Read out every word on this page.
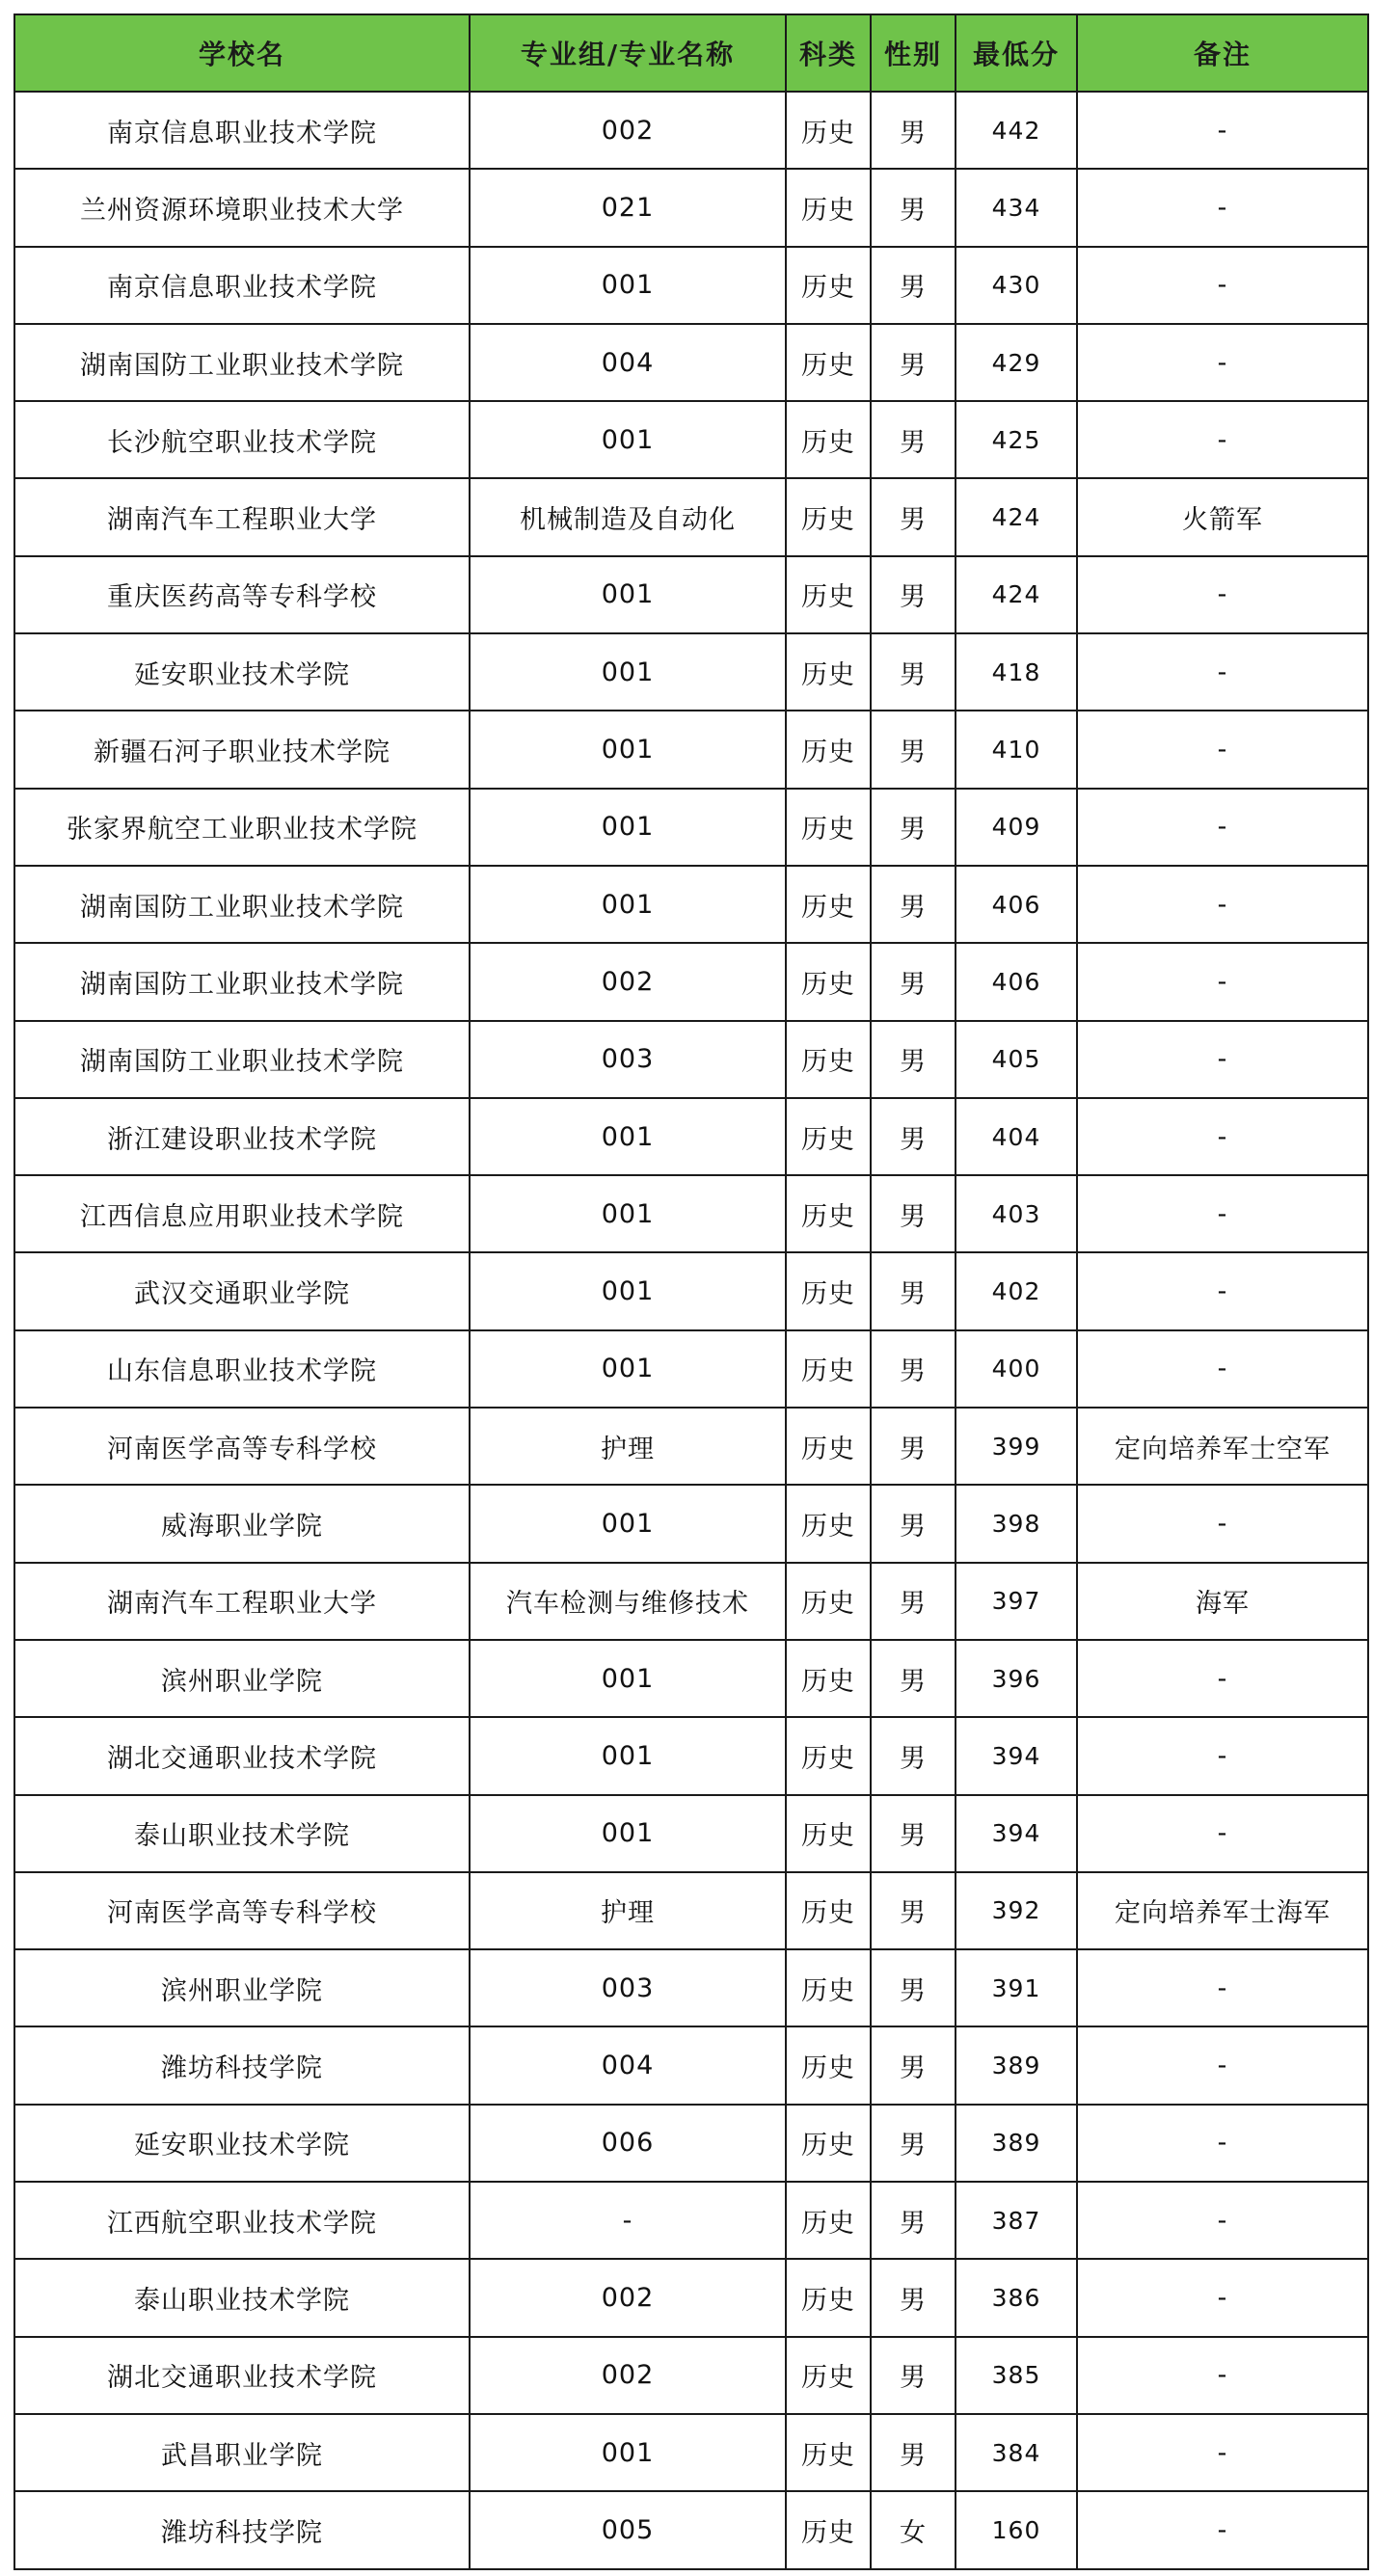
学校名	专业组/专业名称	科类	性别	最低分	备注
南京信息职业技术学院	002	历史	男	442	-
兰州资源环境职业技术大学	021	历史	男	434	-
南京信息职业技术学院	001	历史	男	430	-
湖南国防工业职业技术学院	004	历史	男	429	-
长沙航空职业技术学院	001	历史	男	425	-
湖南汽车工程职业大学	机械制造及自动化	历史	男	424	火箭军
重庆医药高等专科学校	001	历史	男	424	-
延安职业技术学院	001	历史	男	418	-
新疆石河子职业技术学院	001	历史	男	410	-
张家界航空工业职业技术学院	001	历史	男	409	-
湖南国防工业职业技术学院	001	历史	男	406	-
湖南国防工业职业技术学院	002	历史	男	406	-
湖南国防工业职业技术学院	003	历史	男	405	-
浙江建设职业技术学院	001	历史	男	404	-
江西信息应用职业技术学院	001	历史	男	403	-
武汉交通职业学院	001	历史	男	402	-
山东信息职业技术学院	001	历史	男	400	-
河南医学高等专科学校	护理	历史	男	399	定向培养军士空军
威海职业学院	001	历史	男	398	-
湖南汽车工程职业大学	汽车检测与维修技术	历史	男	397	海军
滨州职业学院	001	历史	男	396	-
湖北交通职业技术学院	001	历史	男	394	-
泰山职业技术学院	001	历史	男	394	-
河南医学高等专科学校	护理	历史	男	392	定向培养军士海军
滨州职业学院	003	历史	男	391	-
潍坊科技学院	004	历史	男	389	-
延安职业技术学院	006	历史	男	389	-
江西航空职业技术学院	-	历史	男	387	-
泰山职业技术学院	002	历史	男	386	-
湖北交通职业技术学院	002	历史	男	385	-
武昌职业学院	001	历史	男	384	-
潍坊科技学院	005	历史	女	160	-
